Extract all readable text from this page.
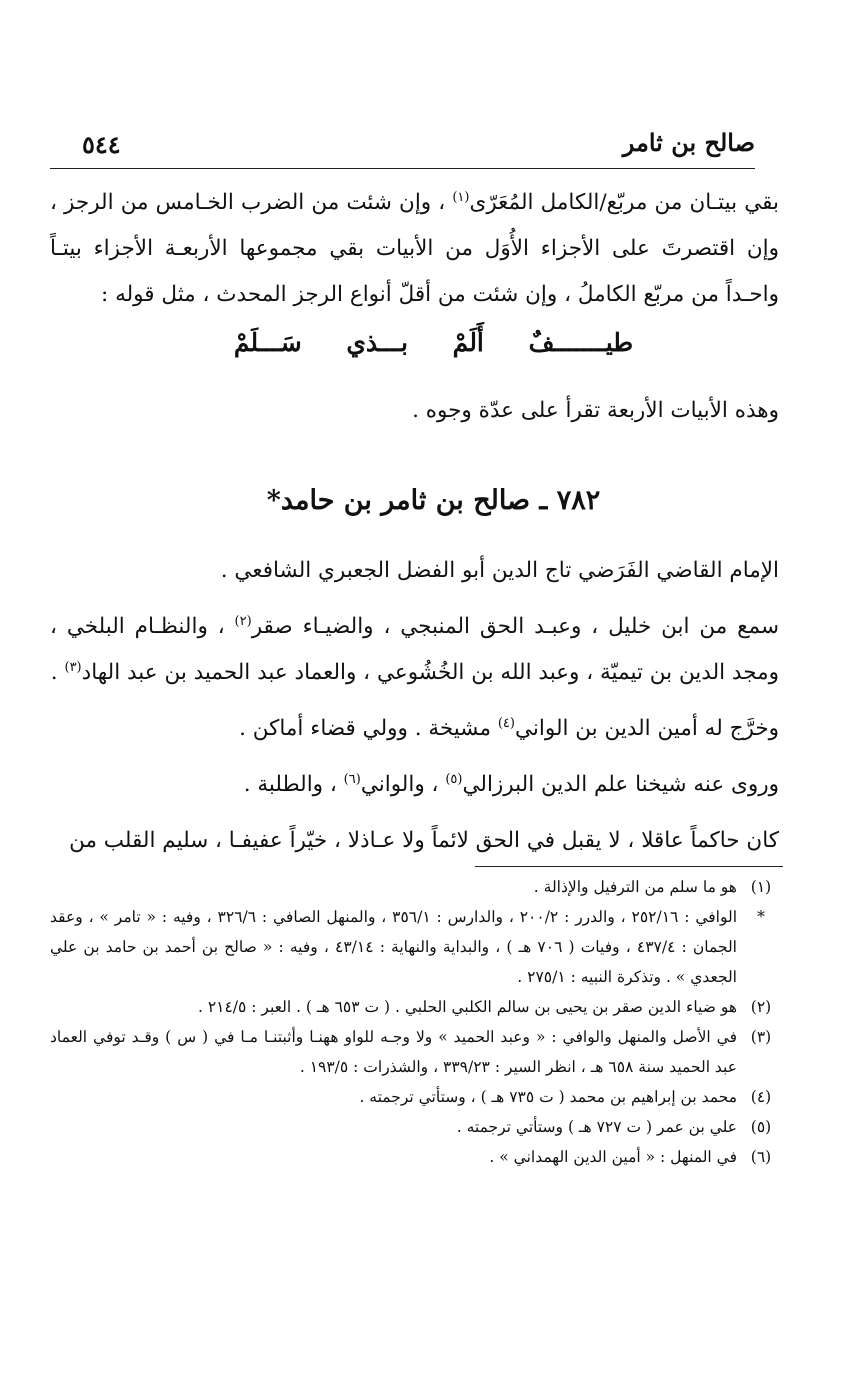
صالح بن ثامر
٥٤٤

بقي بيتـان من مربّع/الكامل المُعَرّى$^{(١)}$ ، وإن شئت من الضرب الخـامس من الرجز ، وإن اقتصرتَ على الأجزاء الأُوَل من الأبيات بقي مجموعها الأربعـة الأجزاء بيتـاً واحـداً من مربّع الكاملُ ، وإن شئت من أقلّ أنواع الرجز المحدث ، مثل قوله :

طيـــــــفٌ أَلَمْ بـــذي سَـــلَمْ

وهذه الأبيات الأربعة تقرأ على عدّة وجوه .

٧٨٢ ـ صالح بن ثامر بن حامد*

الإمام القاضي الفَرَضي تاج الدين أبو الفضل الجعبري الشافعي .

سمع من ابن خليل ، وعبـد الحق المنبجي ، والضيـاء صقر$^{(٢)}$ ، والنظـام البلخي ، ومجد الدين بن تيميّة ، وعبد الله بن الخُشُوعي ، والعماد عبد الحميد بن عبد الهاد$^{(٣)}$ .

وخرَّج له أمين الدين بن الواني$^{(٤)}$ مشيخة . وولي قضاء أماكن .

وروى عنه شيخنا علم الدين البرزالي$^{(٥)}$ ، والواني$^{(٦)}$ ، والطلبة .

كان حاكماً عاقلا ، لا يقبل في الحق لائماً ولا عـاذلا ، خيّراً عفيفـا ، سليم القلب من

(١)
هو ما سلم من الترفيل والإذالة .
*
الوافي : ٢٥٢/١٦ ، والدرر : ٢٠٠/٢ ، والدارس : ٣٥٦/١ ، والمنهل الصافي : ٣٢٦/٦ ، وفيه : « تامر » ، وعقد الجمان : ٤٣٧/٤ ، وفيات ( ٧٠٦ هـ ) ، والبداية والنهاية : ٤٣/١٤ ، وفيه : « صالح بن أحمد بن حامد بن علي الجعدي » . وتذكرة النبيه : ٢٧٥/١ .
(٢)
هو ضياء الدين صقر بن يحيى بن سالم الكلبي الحلبي . ( ت ٦٥٣ هـ ) . العبر : ٢١٤/٥ .
(٣)
في الأصل والمنهل والوافي : « وعبد الحميد » ولا وجـه للواو ههنـا وأثبتنـا مـا في ( س ) وقـد توفي العماد عبد الحميد سنة ٦٥٨ هـ ، انظر السير : ٣٣٩/٢٣ ، والشذرات : ١٩٣/٥ .
(٤)
محمد بن إبراهيم بن محمد ( ت ٧٣٥ هـ ) ، وستأتي ترجمته .
(٥)
علي بن عمر ( ت ٧٢٧ هـ ) وستأتي ترجمته .
(٦)
في المنهل : « أمين الدين الهمداني » .
